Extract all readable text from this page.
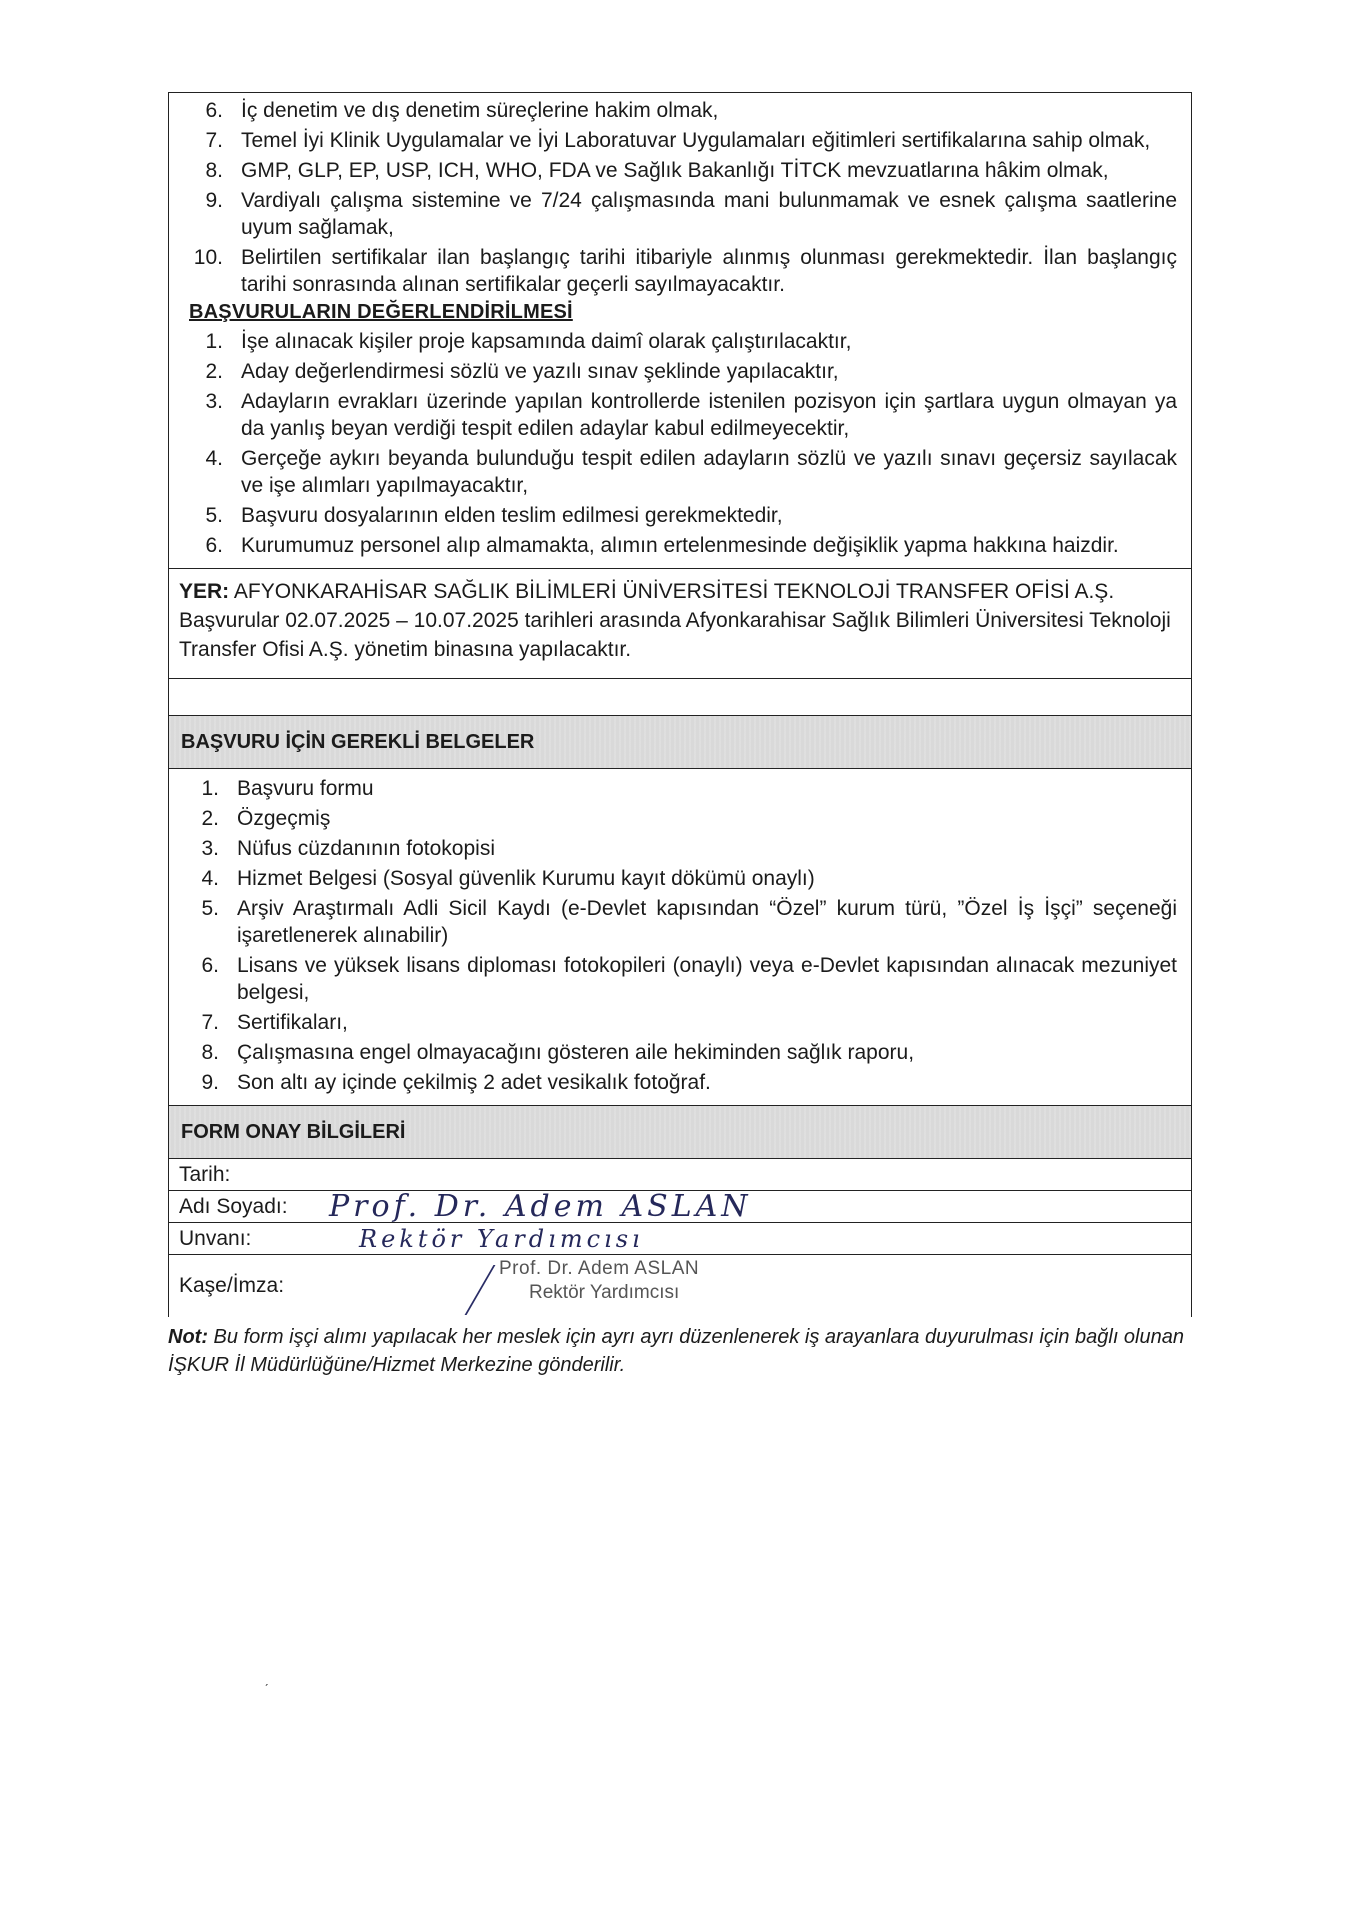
6. İç denetim ve dış denetim süreçlerine hakim olmak,
7. Temel İyi Klinik Uygulamalar ve İyi Laboratuvar Uygulamaları eğitimleri sertifikalarına sahip olmak,
8. GMP, GLP, EP, USP, ICH, WHO, FDA ve Sağlık Bakanlığı TİTCK mevzuatlarına hâkim olmak,
9. Vardiyalı çalışma sistemine ve 7/24 çalışmasında mani bulunmamak ve esnek çalışma saatlerine uyum sağlamak,
10. Belirtilen sertifikalar ilan başlangıç tarihi itibariyle alınmış olunması gerekmektedir. İlan başlangıç tarihi sonrasında alınan sertifikalar geçerli sayılmayacaktır.
BAŞVURULARIN DEĞERLENDİRİLMESİ
1. İşe alınacak kişiler proje kapsamında daimî olarak çalıştırılacaktır,
2. Aday değerlendirmesi sözlü ve yazılı sınav şeklinde yapılacaktır,
3. Adayların evrakları üzerinde yapılan kontrollerde istenilen pozisyon için şartlara uygun olmayan ya da yanlış beyan verdiği tespit edilen adaylar kabul edilmeyecektir,
4. Gerçeğe aykırı beyanda bulunduğu tespit edilen adayların sözlü ve yazılı sınavı geçersiz sayılacak ve işe alımları yapılmayacaktır,
5. Başvuru dosyalarının elden teslim edilmesi gerekmektedir,
6. Kurumumuz personel alıp almamakta, alımın ertelenmesinde değişiklik yapma hakkına haizdir.
YER: AFYONKARAHİSAR SAĞLIK BİLİMLERİ ÜNİVERSİTESİ TEKNOLOJİ TRANSFER OFİSİ A.Ş.
Başvurular 02.07.2025 – 10.07.2025 tarihleri arasında Afyonkarahisar Sağlık Bilimleri Üniversitesi Teknoloji Transfer Ofisi A.Ş. yönetim binasına yapılacaktır.
BAŞVURU İÇİN GEREKLİ BELGELER
1. Başvuru formu
2. Özgeçmiş
3. Nüfus cüzdanının fotokopisi
4. Hizmet Belgesi (Sosyal güvenlik Kurumu kayıt dökümü onaylı)
5. Arşiv Araştırmalı Adli Sicil Kaydı (e-Devlet kapısından “Özel” kurum türü, ”Özel İş İşçi” seçeneği işaretlenerek alınabilir)
6. Lisans ve yüksek lisans diploması fotokopileri (onaylı) veya e-Devlet kapısından alınacak mezuniyet belgesi,
7. Sertifikaları,
8. Çalışmasına engel olmayacağını gösteren aile hekiminden sağlık raporu,
9. Son altı ay içinde çekilmiş 2 adet vesikalık fotoğraf.
FORM ONAY BİLGİLERİ
Tarih:
Adı Soyadı:	Prof. Dr. Adem ASLAN
Unvanı:	Rektör Yardımcısı
Kaşe/İmza:
Prof. Dr. Adem ASLAN
Rektör Yardımcısı
Not: Bu form işçi alımı yapılacak her meslek için ayrı ayrı düzenlenerek iş arayanlara duyurulması için bağlı olunan İŞKUR İl Müdürlüğüne/Hizmet Merkezine gönderilir.
ˏ
